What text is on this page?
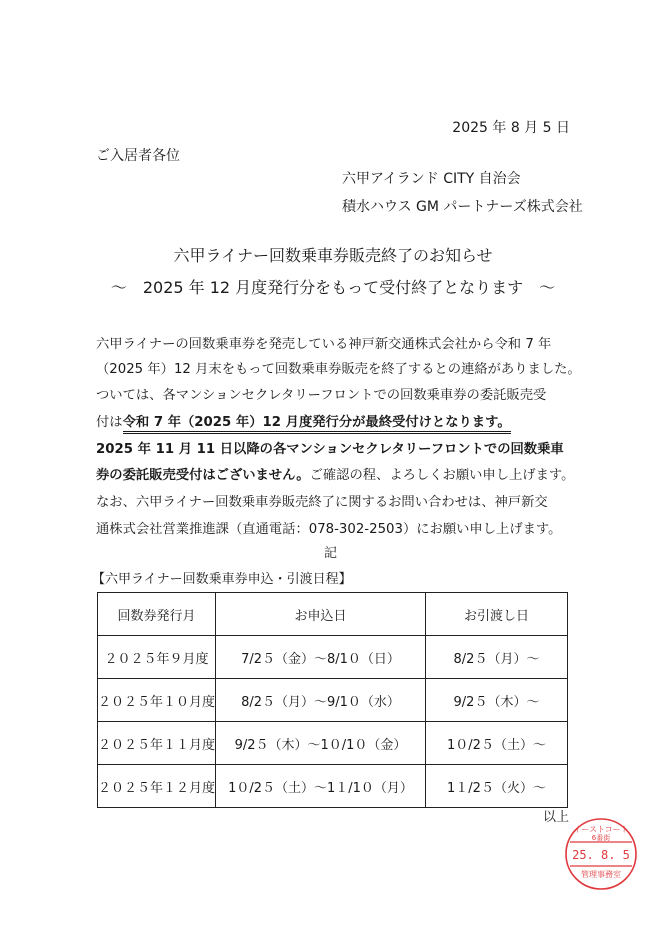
2025 年 8 月 5 日
ご入居者各位
六甲アイランド CITY 自治会
積水ハウス GM パートナーズ株式会社
六甲ライナー回数乗車券販売終了のお知らせ
～　2025 年 12 月度発行分をもって受付終了となります　～
六甲ライナーの回数乗車券を発売している神戸新交通株式会社から令和 7 年
（2025 年）12 月末をもって回数乗車券販売を終了するとの連絡がありました。
ついては、各マンションセクレタリーフロントでの回数乗車券の委託販売受
付は令和 7 年（2025 年）12 月度発行分が最終受付けとなります。
2025 年 11 月 11 日以降の各マンションセクレタリーフロントでの回数乗車
券の委託販売受付はございません。ご確認の程、よろしくお願い申し上げます。
なお、六甲ライナー回数乗車券販売終了に関するお問い合わせは、神戸新交
通株式会社営業推進課（直通電話：078-302-2503）にお願い申し上げます。
記
【六甲ライナー回数乗車券申込・引渡日程】
回数券発行月	お申込日	お引渡し日
２０２５年９月度	7/2５（金）～8/1０（日）	8/2５（月）～
２０２５年１０月度	8/2５（月）～9/1０（水）	9/2５（木）～
２０２５年１１月度	9/2５（木）～1０/1０（金）	1０/2５（土）～
２０２５年１２月度	1０/2５（土）～1１/1０（月）	1１/2５（火）～
以上
イーストコート
6番街
25. 8. 5
管理事務室
